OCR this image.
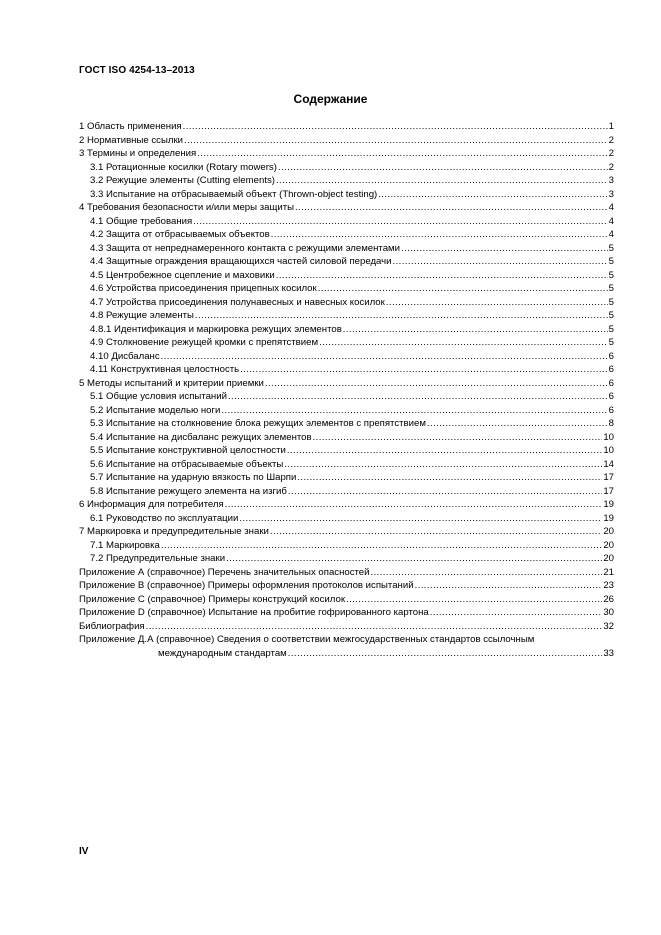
ГОСТ ISO 4254-13–2013
Содержание
1 Область применения .....	1
2 Нормативные ссылки .....	2
3 Термины и определения .....	2
3.1 Ротационные косилки (Rotary mowers) .....	2
3.2 Режущие элементы (Cutting elements) .....	3
3.3 Испытание на отбрасываемый объект (Thrown-object testing) .....	3
4 Требования безопасности и/или меры защиты .....	4
4.1 Общие требования .....	4
4.2 Защита от отбрасываемых объектов .....	4
4.3 Защита от непреднамеренного контакта с режущими элементами .....	5
4.4 Защитные ограждения вращающихся частей силовой передачи .....	5
4.5 Центробежное сцепление и маховики .....	5
4.6 Устройства присоединения прицепных косилок .....	5
4.7 Устройства присоединения полунавесных и навесных косилок .....	5
4.8 Режущие элементы .....	5
4.8.1 Идентификация и маркировка режущих элементов .....	5
4.9 Столкновение режущей кромки с препятствием .....	5
4.10 Дисбаланс .....	6
4.11 Конструктивная целостность .....	6
5 Методы испытаний и критерии приемки .....	6
5.1 Общие условия испытаний .....	6
5.2 Испытание моделью ноги .....	6
5.3 Испытание на столкновение блока режущих элементов с препятствием .....	8
5.4 Испытание на дисбаланс режущих элементов .....	10
5.5 Испытание конструктивной целостности .....	10
5.6 Испытание на отбрасываемые объекты .....	14
5.7 Испытание на ударную вязкость по Шарпи .....	17
5.8 Испытание режущего элемента на изгиб .....	17
6 Информация для потребителя .....	19
6.1 Руководство по эксплуатации .....	19
7 Маркировка и предупредительные знаки .....	20
7.1 Маркировка .....	20
7.2 Предупредительные знаки .....	20
Приложение А (справочное) Перечень значительных опасностей .....	21
Приложение В (справочное) Примеры оформления протоколов испытаний .....	23
Приложение С (справочное) Примеры конструкций косилок .....	26
Приложение D (справочное) Испытание на пробитие гофрированного картона .....	30
Библиография .....	32
Приложение Д.А (справочное) Сведения о соответствии межгосударственных стандартов ссылочным
международным стандартам .....	33
IV
